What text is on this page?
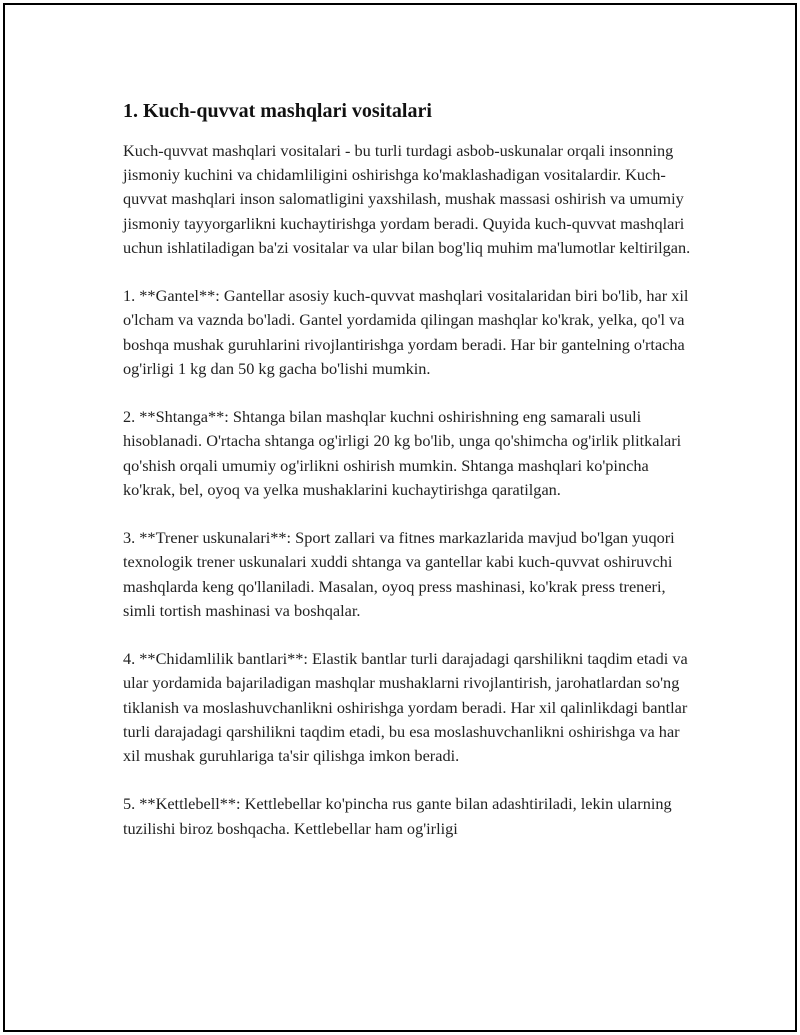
1. Kuch-quvvat mashqlari vositalari

Kuch-quvvat mashqlari vositalari - bu turli turdagi asbob-uskunalar orqali insonning jismoniy kuchini va chidamliligini oshirishga ko'maklashadigan vositalardir. Kuch-quvvat mashqlari inson salomatligini yaxshilash, mushak massasi oshirish va umumiy jismoniy tayyorgarlikni kuchaytirishga yordam beradi. Quyida kuch-quvvat mashqlari uchun ishlatiladigan ba'zi vositalar va ular bilan bog'liq muhim ma'lumotlar keltirilgan.

1. **Gantel**: Gantellar asosiy kuch-quvvat mashqlari vositalaridan biri bo'lib, har xil o'lcham va vaznda bo'ladi. Gantel yordamida qilingan mashqlar ko'krak, yelka, qo'l va boshqa mushak guruhlarini rivojlantirishga yordam beradi. Har bir gantelning o'rtacha og'irligi 1 kg dan 50 kg gacha bo'lishi mumkin.

2. **Shtanga**: Shtanga bilan mashqlar kuchni oshirishning eng samarali usuli hisoblanadi. O'rtacha shtanga og'irligi 20 kg bo'lib, unga qo'shimcha og'irlik plitkalari qo'shish orqali umumiy og'irlikni oshirish mumkin. Shtanga mashqlari ko'pincha ko'krak, bel, oyoq va yelka mushaklarini kuchaytirishga qaratilgan.

3. **Trener uskunalari**: Sport zallari va fitnes markazlarida mavjud bo'lgan yuqori texnologik trener uskunalari xuddi shtanga va gantellar kabi kuch-quvvat oshiruvchi mashqlarda keng qo'llaniladi. Masalan, oyoq press mashinasi, ko'krak press treneri, simli tortish mashinasi va boshqalar.

4. **Chidamlilik bantlari**: Elastik bantlar turli darajadagi qarshilikni taqdim etadi va ular yordamida bajariladigan mashqlar mushaklarni rivojlantirish, jarohatlardan so'ng tiklanish va moslashuvchanlikni oshirishga yordam beradi. Har xil qalinlikdagi bantlar turli darajadagi qarshilikni taqdim etadi, bu esa moslashuvchanlikni oshirishga va har xil mushak guruhlariga ta'sir qilishga imkon beradi.

5. **Kettlebell**: Kettlebellar ko'pincha rus gante bilan adashtiriladi, lekin ularning tuzilishi biroz boshqacha. Kettlebellar ham og'irligi
